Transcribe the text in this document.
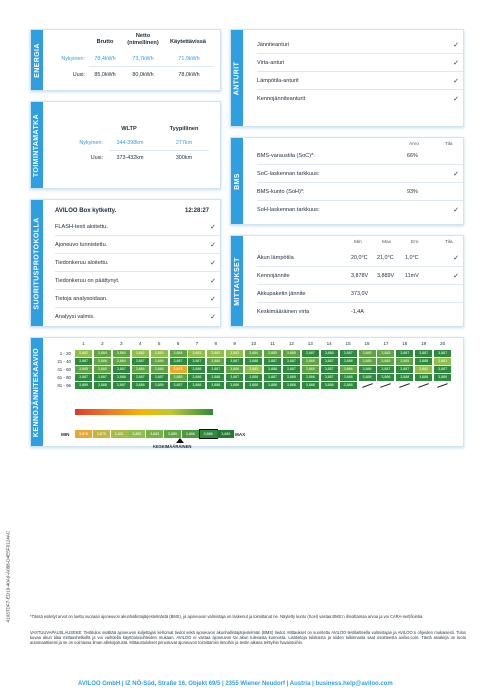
4103TDF7-ED19-40A9-A088-D4E5F0124AC
ENERGIA
Brutto
Netto (nimellinen)	Käytettävissä
Nykyinen:	78,4kWh	73,7kWh	71,9kWh
Uusi:	85,0kWh	80,0kWh	78,0kWh
TOIMINTAMATKA	WLTP	Tyypillinen
Nykyinen:	344-398km	277km
Uusi:	373-432km	300km
ANTURIT
Jänniteanturi	✓
Virta-anturi	✓
Lämpötila-anturit	✓
Kennojänniteanturit	✓
BMS
Arvo	Tila
BMS-varaustila (SoC)*:	66%
SoC-laskennan tarkkuus:	✓
BMS-kunto (SoH)*:	93%
SoH-laskennan tarkkuus:	✓
SUORITUSPROTOKOLLA
AVILOO Box kytketty.	12:28:27
FLASH-testi aloitettu.	✓
Ajoneuvo tunnistettu.	✓
Tiedonkeruu aloitettu.	✓
Tiedonkeruu on päättynyt.	✓
Tietoja analysoidaan.	✓
Analyysi valmis.	✓
MITTAUKSET
Min	Max	Ero	Tila
Akun lämpötila	20,0°C 21,0°C 1,0°C	✓
Kennojännite	3,878V 3,889V 11mV	✓
Akkupaketin jännite	373,0V
Keskimääräinen virta	-1,4A
KENNOJÄNNITEKAAVIO
1	2	3	4	5	6	7	8	9	10	11	12	13	14	15	16	17	18	19	20
1 - 20	3,882	3,884	3,884	3,882	3,883	3,884	3,883	3,882	3,883	3,884	3,885	3,885	3,887	3,888	3,887	3,885	3,885	3,887	3,887	3,887
21 - 40	3,887	3,886	3,884	3,887	3,886	3,887	3,887	3,886	3,887	3,888	3,887	3,887	3,885	3,887	3,888	3,885	3,885	3,885	3,888	3,881
41 - 60	3,885	3,885	3,887	3,884	3,886	3,878	3,888	3,887	3,886	3,883	3,888	3,887	3,885	3,887	3,886	3,888	3,887	3,887	3,882	3,887
61 - 80	3,887	3,887	3,888	3,887	3,887	3,885	3,888	3,888	3,887	3,888	3,887	3,888	3,888	3,887	3,888	3,888	3,888	3,888	3,888	3,889
81 - 96	3,889	3,888	3,887	3,888	3,889	3,887	3,888	3,888	3,888	3,888	3,888	3,888	3,888	3,888	3,888
MIN	3,878	3,879	3,881	3,882	3,883	3,885	3,886	3,888	3,889	MAX
KESKIMÄÄRÄINEN
*Tässä esitetyt arvot on luettu suoraan ajoneuvon akunhallintajärjestelmästä (BMS), ja ajoneuvon valmistaja on laskenut ja toimittanut ne. Näytetty kunto (SoH) vastaa BMS:n ilmoittamaa arvoa ja voi CARA-sertifiointia.
VASTUUVAPAUSLAUSEKE: Testitulos sisältää ajoneuvon kuljettajan kertomat tiedot sekä ajoneuvon akunhallintajärjestelmän (BMS) tiedot. Mittaukset on suoritettu AVILOO-testilaitteella valmistajan ja AVILOO:n ohjeiden mukaisesti. Tulos kuvaa akun tilaa mittaushetkellä ja voi vaihdella käyttöolosuhteiden mukaan. AVILOO ei vastaa ajoneuvon tai akun tulevasta kunnosta. Lisätietoja tuloksista ja niiden tulkinnasta saat osoitteesta aviloo.com. Tämä asiakirja on luotu automaattisesti ja se on voimassa ilman allekirjoitusta. Mittaustulokset perustuvat ajoneuvon toimittamiin tietoihin ja testin aikana tehtyihin havaintoihin.
AVILOO GmbH | IZ NÖ-Süd, Straße 16, Objekt 69/5 | 2355 Wiener Neudorf | Austria | business.help@aviloo.com
